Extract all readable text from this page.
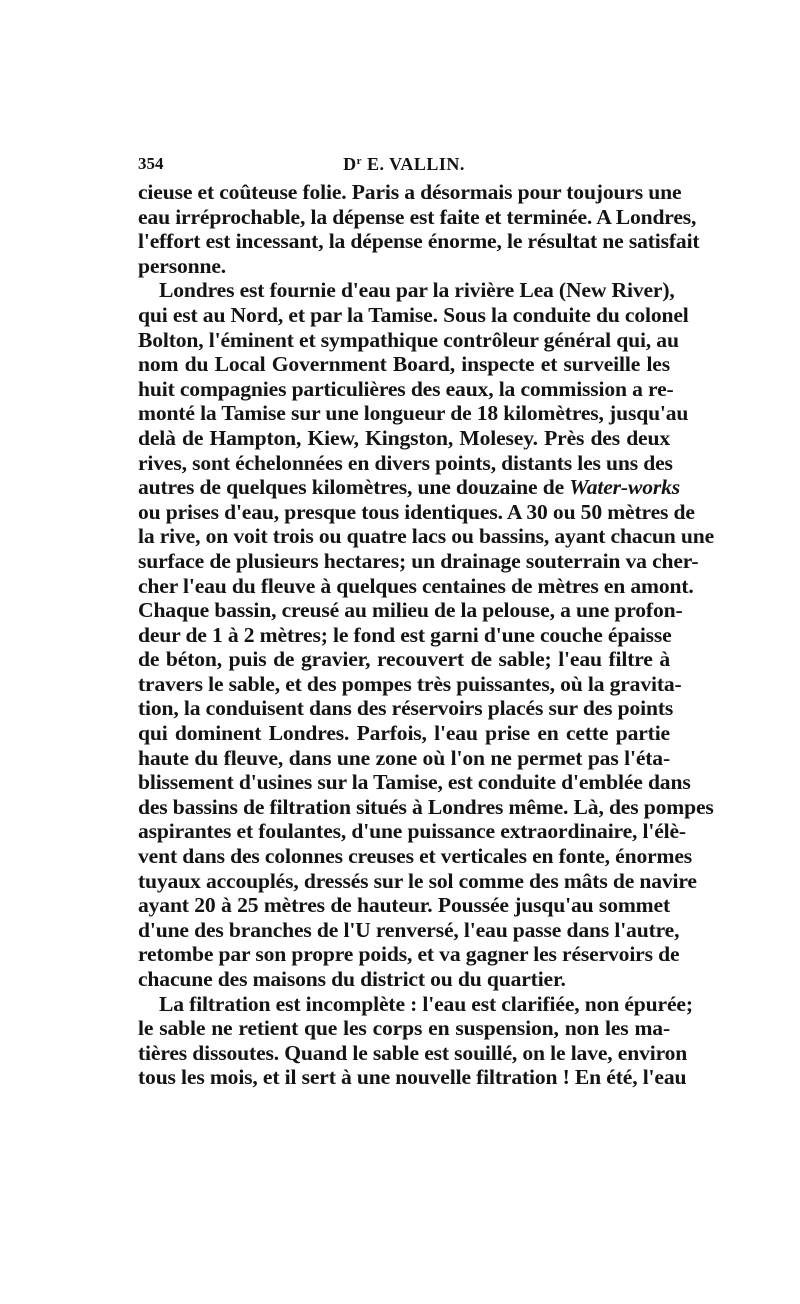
354	$D^r$ E. VALLIN.

cieuse et coûteuse folie. Paris a désormais pour toujours une
eau irréprochable, la dépense est faite et terminée. A Londres,
l'effort est incessant, la dépense énorme, le résultat ne satisfait
personne.

Londres est fournie d'eau par la rivière Lea (New River),
qui est au Nord, et par la Tamise. Sous la conduite du colonel
Bolton, l'éminent et sympathique contrôleur général qui, au
nom du Local Government Board, inspecte et surveille les
huit compagnies particulières des eaux, la commission a re-
monté la Tamise sur une longueur de 18 kilomètres, jusqu'au
delà de Hampton, Kiew, Kingston, Molesey. Près des deux
rives, sont échelonnées en divers points, distants les uns des
autres de quelques kilomètres, une douzaine de Water-works
ou prises d'eau, presque tous identiques. A 30 ou 50 mètres de
la rive, on voit trois ou quatre lacs ou bassins, ayant chacun une
surface de plusieurs hectares; un drainage souterrain va cher-
cher l'eau du fleuve à quelques centaines de mètres en amont.
Chaque bassin, creusé au milieu de la pelouse, a une profon-
deur de 1 à 2 mètres; le fond est garni d'une couche épaisse
de béton, puis de gravier, recouvert de sable; l'eau filtre à
travers le sable, et des pompes très puissantes, où la gravita-
tion, la conduisent dans des réservoirs placés sur des points
qui dominent Londres. Parfois, l'eau prise en cette partie
haute du fleuve, dans une zone où l'on ne permet pas l'éta-
blissement d'usines sur la Tamise, est conduite d'emblée dans
des bassins de filtration situés à Londres même. Là, des pompes
aspirantes et foulantes, d'une puissance extraordinaire, l'élè-
vent dans des colonnes creuses et verticales en fonte, énormes
tuyaux accouplés, dressés sur le sol comme des mâts de navire
ayant 20 à 25 mètres de hauteur. Poussée jusqu'au sommet
d'une des branches de l'U renversé, l'eau passe dans l'autre,
retombe par son propre poids, et va gagner les réservoirs de
chacune des maisons du district ou du quartier.

La filtration est incomplète : l'eau est clarifiée, non épurée;
le sable ne retient que les corps en suspension, non les ma-
tières dissoutes. Quand le sable est souillé, on le lave, environ
tous les mois, et il sert à une nouvelle filtration ! En été, l'eau
